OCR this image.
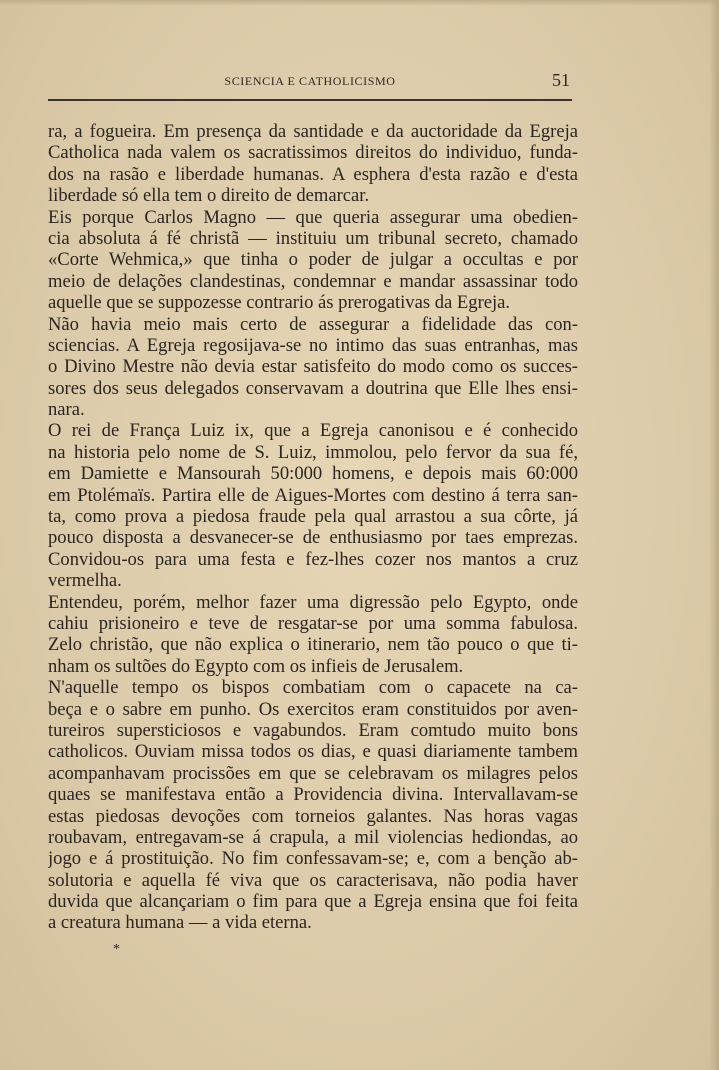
SCIENCIA E CATHOLICISMO	51
ra, a fogueira. Em presença da santidade e da auctoridade da Egreja
Catholica nada valem os sacratissimos direitos do individuo, funda-
dos na rasão e liberdade humanas. A esphera d'esta razão e d'esta
liberdade só ella tem o direito de demarcar.
Eis porque Carlos Magno — que queria assegurar uma obedien-
cia absoluta á fé christã — instituiu um tribunal secreto, chamado
«Corte Wehmica,» que tinha o poder de julgar a occultas e por
meio de delações clandestinas, condemnar e mandar assassinar todo
aquelle que se suppozesse contrario ás prerogativas da Egreja.
Não havia meio mais certo de assegurar a fidelidade das con-
sciencias. A Egreja regosijava-se no intimo das suas entranhas, mas
o Divino Mestre não devia estar satisfeito do modo como os succes-
sores dos seus delegados conservavam a doutrina que Elle lhes ensi-
nara.
O rei de França Luiz ix, que a Egreja canonisou e é conhecido
na historia pelo nome de S. Luiz, immolou, pelo fervor da sua fé,
em Damiette e Mansourah 50:000 homens, e depois mais 60:000
em Ptolémaïs. Partira elle de Aigues-Mortes com destino á terra san-
ta, como prova a piedosa fraude pela qual arrastou a sua côrte, já
pouco disposta a desvanecer-se de enthusiasmo por taes emprezas.
Convidou-os para uma festa e fez-lhes cozer nos mantos a cruz
vermelha.
Entendeu, porém, melhor fazer uma digressão pelo Egypto, onde
cahiu prisioneiro e teve de resgatar-se por uma somma fabulosa.
Zelo christão, que não explica o itinerario, nem tão pouco o que ti-
nham os sultões do Egypto com os infieis de Jerusalem.
N'aquelle tempo os bispos combatiam com o capacete na ca-
beça e o sabre em punho. Os exercitos eram constituidos por aven-
tureiros supersticiosos e vagabundos. Eram comtudo muito bons
catholicos. Ouviam missa todos os dias, e quasi diariamente tambem
acompanhavam procissões em que se celebravam os milagres pelos
quaes se manifestava então a Providencia divina. Intervallavam-se
estas piedosas devoções com torneios galantes. Nas horas vagas
roubavam, entregavam-se á crapula, a mil violencias hediondas, ao
jogo e á prostituição. No fim confessavam-se; e, com a benção ab-
solutoria e aquella fé viva que os caracterisava, não podia haver
duvida que alcançariam o fim para que a Egreja ensina que foi feita
a creatura humana — a vida eterna.
*
